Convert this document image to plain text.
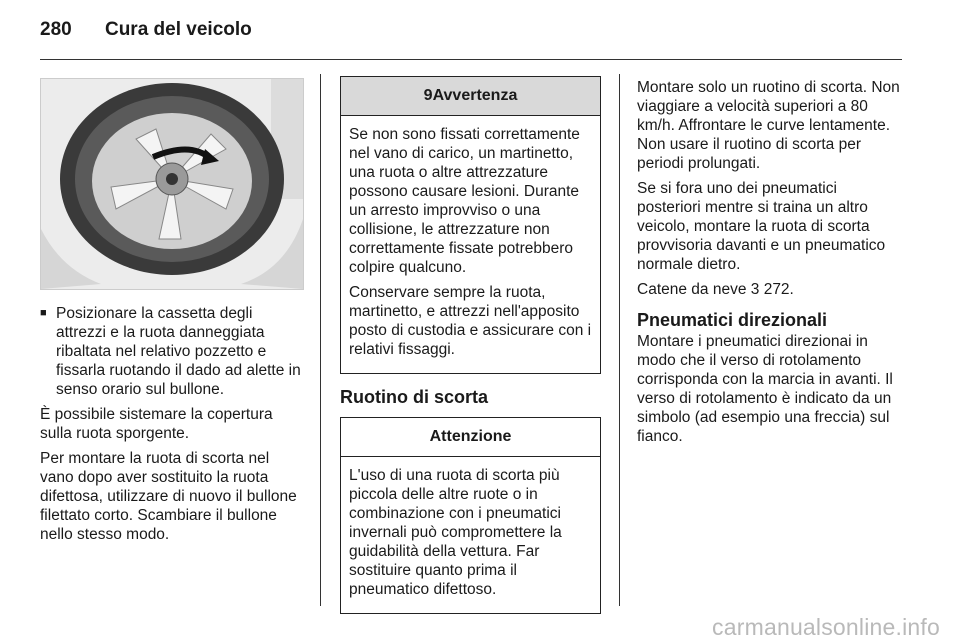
280 Cura del veicolo
■ Posizionare la cassetta degli attrezzi e la ruota danneggiata ribaltata nel relativo pozzetto e fissarla ruotando il dado ad alette in senso orario sul bullone.

È possibile sistemare la copertura sulla ruota sporgente.

Per montare la ruota di scorta nel vano dopo aver sostituito la ruota difettosa, utilizzare di nuovo il bullone filettato corto. Scambiare il bullone nello stesso modo.

9Avvertenza

Se non sono fissati correttamente nel vano di carico, un martinetto, una ruota o altre attrezzature possono causare lesioni. Durante un arresto improvviso o una collisione, le attrezzature non correttamente fissate potrebbero colpire qualcuno.

Conservare sempre la ruota, martinetto, e attrezzi nell'apposito posto di custodia e assicurare con i relativi fissaggi.

Ruotino di scorta
Attenzione

L'uso di una ruota di scorta più piccola delle altre ruote o in combinazione con i pneumatici invernali può compromettere la guidabilità della vettura. Far sostituire quanto prima il pneumatico difettoso.

Montare solo un ruotino di scorta. Non viaggiare a velocità superiori a 80 km/h. Affrontare le curve lentamente. Non usare il ruotino di scorta per periodi prolungati.

Se si fora uno dei pneumatici posteriori mentre si traina un altro veicolo, montare la ruota di scorta provvisoria davanti e un pneumatico normale dietro.

Catene da neve 3 272.

Pneumatici direzionali

Montare i pneumatici direzionai in modo che il verso di rotolamento corrisponda con la marcia in avanti. Il verso di rotolamento è indicato da un simbolo (ad esempio una freccia) sul fianco.

carmanualsonline.info
